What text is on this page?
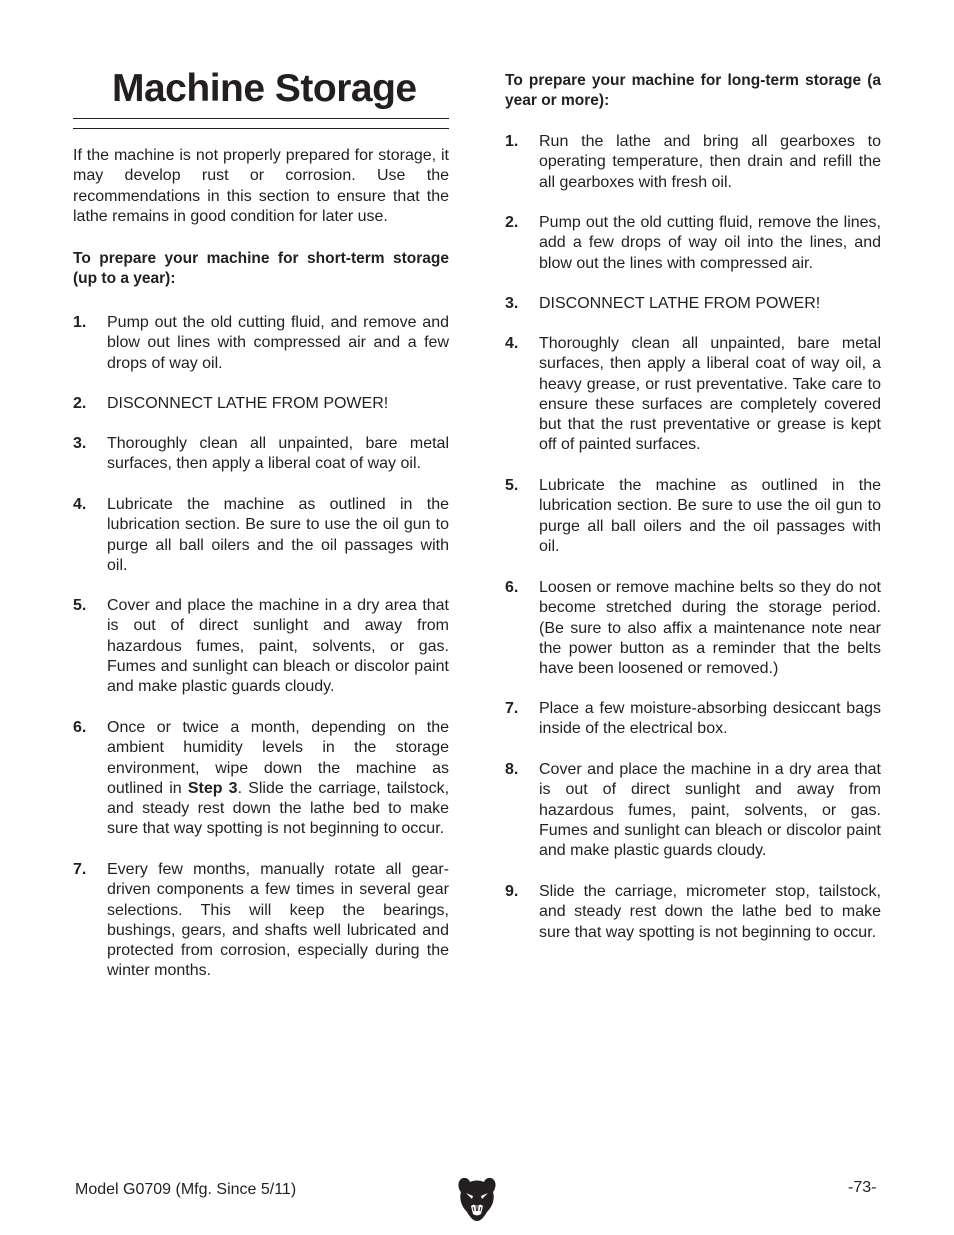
Machine Storage

If the machine is not properly prepared for storage, it may develop rust or corrosion. Use the recommendations in this section to ensure that the lathe remains in good condition for later use.

To prepare your machine for short-term storage (up to a year):

1. Pump out the old cutting fluid, and remove and blow out lines with compressed air and a few drops of way oil.
2. DISCONNECT LATHE FROM POWER!
3. Thoroughly clean all unpainted, bare metal surfaces, then apply a liberal coat of way oil.
4. Lubricate the machine as outlined in the lubrication section. Be sure to use the oil gun to purge all ball oilers and the oil passages with oil.
5. Cover and place the machine in a dry area that is out of direct sunlight and away from hazardous fumes, paint, solvents, or gas. Fumes and sunlight can bleach or discolor paint and make plastic guards cloudy.
6. Once or twice a month, depending on the ambient humidity levels in the storage environment, wipe down the machine as outlined in Step 3. Slide the carriage, tailstock, and steady rest down the lathe bed to make sure that way spotting is not beginning to occur.
7. Every few months, manually rotate all gear-driven components a few times in several gear selections. This will keep the bearings, bushings, gears, and shafts well lubricated and protected from corrosion, especially during the winter months.

To prepare your machine for long-term storage (a year or more):

1. Run the lathe and bring all gearboxes to operating temperature, then drain and refill the all gearboxes with fresh oil.
2. Pump out the old cutting fluid, remove the lines, add a few drops of way oil into the lines, and blow out the lines with compressed air.
3. DISCONNECT LATHE FROM POWER!
4. Thoroughly clean all unpainted, bare metal surfaces, then apply a liberal coat of way oil, a heavy grease, or rust preventative. Take care to ensure these surfaces are completely covered but that the rust preventative or grease is kept off of painted surfaces.
5. Lubricate the machine as outlined in the lubrication section. Be sure to use the oil gun to purge all ball oilers and the oil passages with oil.
6. Loosen or remove machine belts so they do not become stretched during the storage period. (Be sure to also affix a maintenance note near the power button as a reminder that the belts have been loosened or removed.)
7. Place a few moisture-absorbing desiccant bags inside of the electrical box.
8. Cover and place the machine in a dry area that is out of direct sunlight and away from hazardous fumes, paint, solvents, or gas. Fumes and sunlight can bleach or discolor paint and make plastic guards cloudy.
9. Slide the carriage, micrometer stop, tailstock, and steady rest down the lathe bed to make sure that way spotting is not beginning to occur.
Model G0709 (Mfg. Since 5/11)	-73-
